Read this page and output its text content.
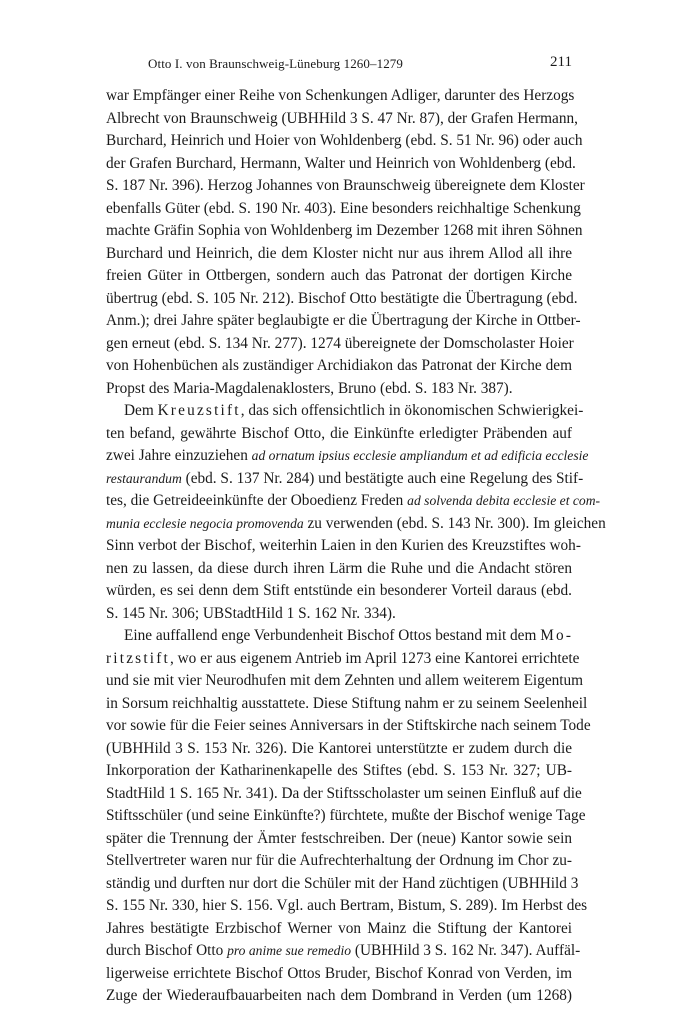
Otto I. von Braunschweig-Lüneburg 1260–1279	211
war Empfänger einer Reihe von Schenkungen Adliger, darunter des Herzogs
Albrecht von Braunschweig (UBHHild 3 S. 47 Nr. 87), der Grafen Hermann,
Burchard, Heinrich und Hoier von Wohldenberg (ebd. S. 51 Nr. 96) oder auch
der Grafen Burchard, Hermann, Walter und Heinrich von Wohldenberg (ebd.
S. 187 Nr. 396). Herzog Johannes von Braunschweig übereignete dem Kloster
ebenfalls Güter (ebd. S. 190 Nr. 403). Eine besonders reichhaltige Schenkung
machte Gräfin Sophia von Wohldenberg im Dezember 1268 mit ihren Söhnen
Burchard und Heinrich, die dem Kloster nicht nur aus ihrem Allod all ihre
freien Güter in Ottbergen, sondern auch das Patronat der dortigen Kirche
übertrug (ebd. S. 105 Nr. 212). Bischof Otto bestätigte die Übertragung (ebd.
Anm.); drei Jahre später beglaubigte er die Übertragung der Kirche in Ottber-
gen erneut (ebd. S. 134 Nr. 277). 1274 übereignete der Domscholaster Hoier
von Hohenbüchen als zuständiger Archidiakon das Patronat der Kirche dem
Propst des Maria-Magdalenaklosters, Bruno (ebd. S. 183 Nr. 387).
Dem Kreuzstift, das sich offensichtlich in ökonomischen Schwierigkei-
ten befand, gewährte Bischof Otto, die Einkünfte erledigter Präbenden auf
zwei Jahre einzuziehen ad ornatum ipsius ecclesie ampliandum et ad edificia ecclesie
restaurandum (ebd. S. 137 Nr. 284) und bestätigte auch eine Regelung des Stif-
tes, die Getreideeinkünfte der Oboedienz Freden ad solvenda debita ecclesie et com-
munia ecclesie negocia promovenda zu verwenden (ebd. S. 143 Nr. 300). Im gleichen
Sinn verbot der Bischof, weiterhin Laien in den Kurien des Kreuzstiftes woh-
nen zu lassen, da diese durch ihren Lärm die Ruhe und die Andacht stören
würden, es sei denn dem Stift entstünde ein besonderer Vorteil daraus (ebd.
S. 145 Nr. 306; UBStadtHild 1 S. 162 Nr. 334).
Eine auffallend enge Verbundenheit Bischof Ottos bestand mit dem Mo-
ritzstift, wo er aus eigenem Antrieb im April 1273 eine Kantorei errichtete
und sie mit vier Neurodhufen mit dem Zehnten und allem weiterem Eigentum
in Sorsum reichhaltig ausstattete. Diese Stiftung nahm er zu seinem Seelenheil
vor sowie für die Feier seines Anniversars in der Stiftskirche nach seinem Tode
(UBHHild 3 S. 153 Nr. 326). Die Kantorei unterstützte er zudem durch die
Inkorporation der Katharinenkapelle des Stiftes (ebd. S. 153 Nr. 327; UB-
StadtHild 1 S. 165 Nr. 341). Da der Stiftsscholaster um seinen Einfluß auf die
Stiftsschüler (und seine Einkünfte?) fürchtete, mußte der Bischof wenige Tage
später die Trennung der Ämter festschreiben. Der (neue) Kantor sowie sein
Stellvertreter waren nur für die Aufrechterhaltung der Ordnung im Chor zu-
ständig und durften nur dort die Schüler mit der Hand züchtigen (UBHHild 3
S. 155 Nr. 330, hier S. 156. Vgl. auch Bertram, Bistum, S. 289). Im Herbst des
Jahres bestätigte Erzbischof Werner von Mainz die Stiftung der Kantorei
durch Bischof Otto pro anime sue remedio (UBHHild 3 S. 162 Nr. 347). Auffäl-
ligerweise errichtete Bischof Ottos Bruder, Bischof Konrad von Verden, im
Zuge der Wiederaufbauarbeiten nach dem Dombrand in Verden (um 1268)
